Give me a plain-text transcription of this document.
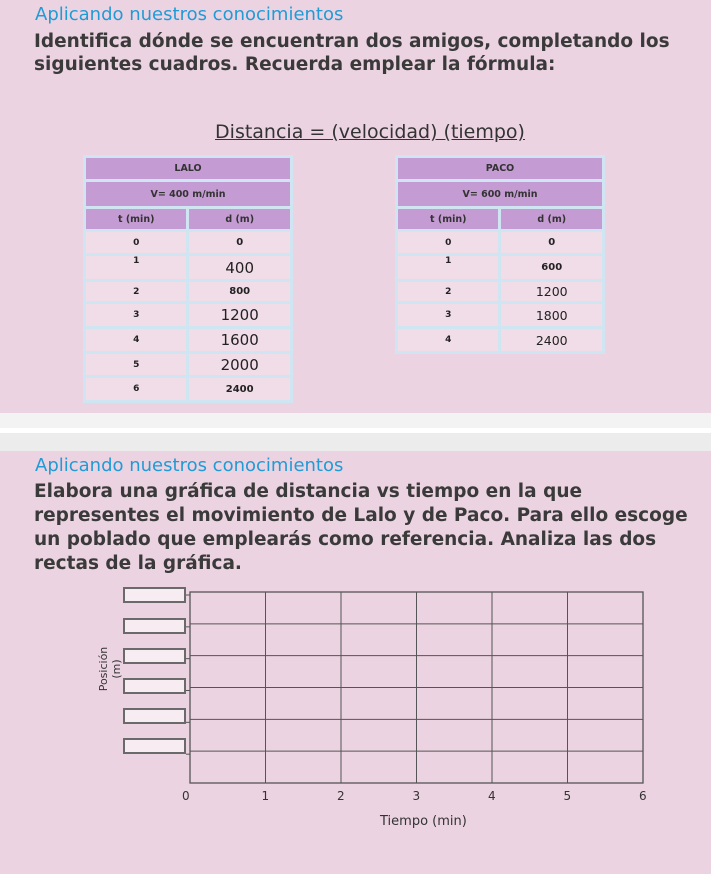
Aplicando nuestros conocimientos
Identifica dónde se encuentran dos amigos, completando los siguientes cuadros. Recuerda emplear la fórmula:
Distancia = (velocidad) (tiempo)
LALO	
V= 400 m/min	
t (min)	d (m)
0	0
1	400
2	800
3	1200
4	1600
5	2000
6	2400
PACO	
V= 600 m/min	
t (min)	d (m)
0	0
1	600
2	1200
3	1800
4	2400
Aplicando nuestros conocimientos
Elabora una gráfica de distancia vs tiempo en la que representes el movimiento de Lalo y de Paco. Para ello escoge un poblado que emplearás como referencia. Analiza las dos rectas de la gráfica.
Posición (m)
0	1	2	3	4	5	6
Tiempo (min)
